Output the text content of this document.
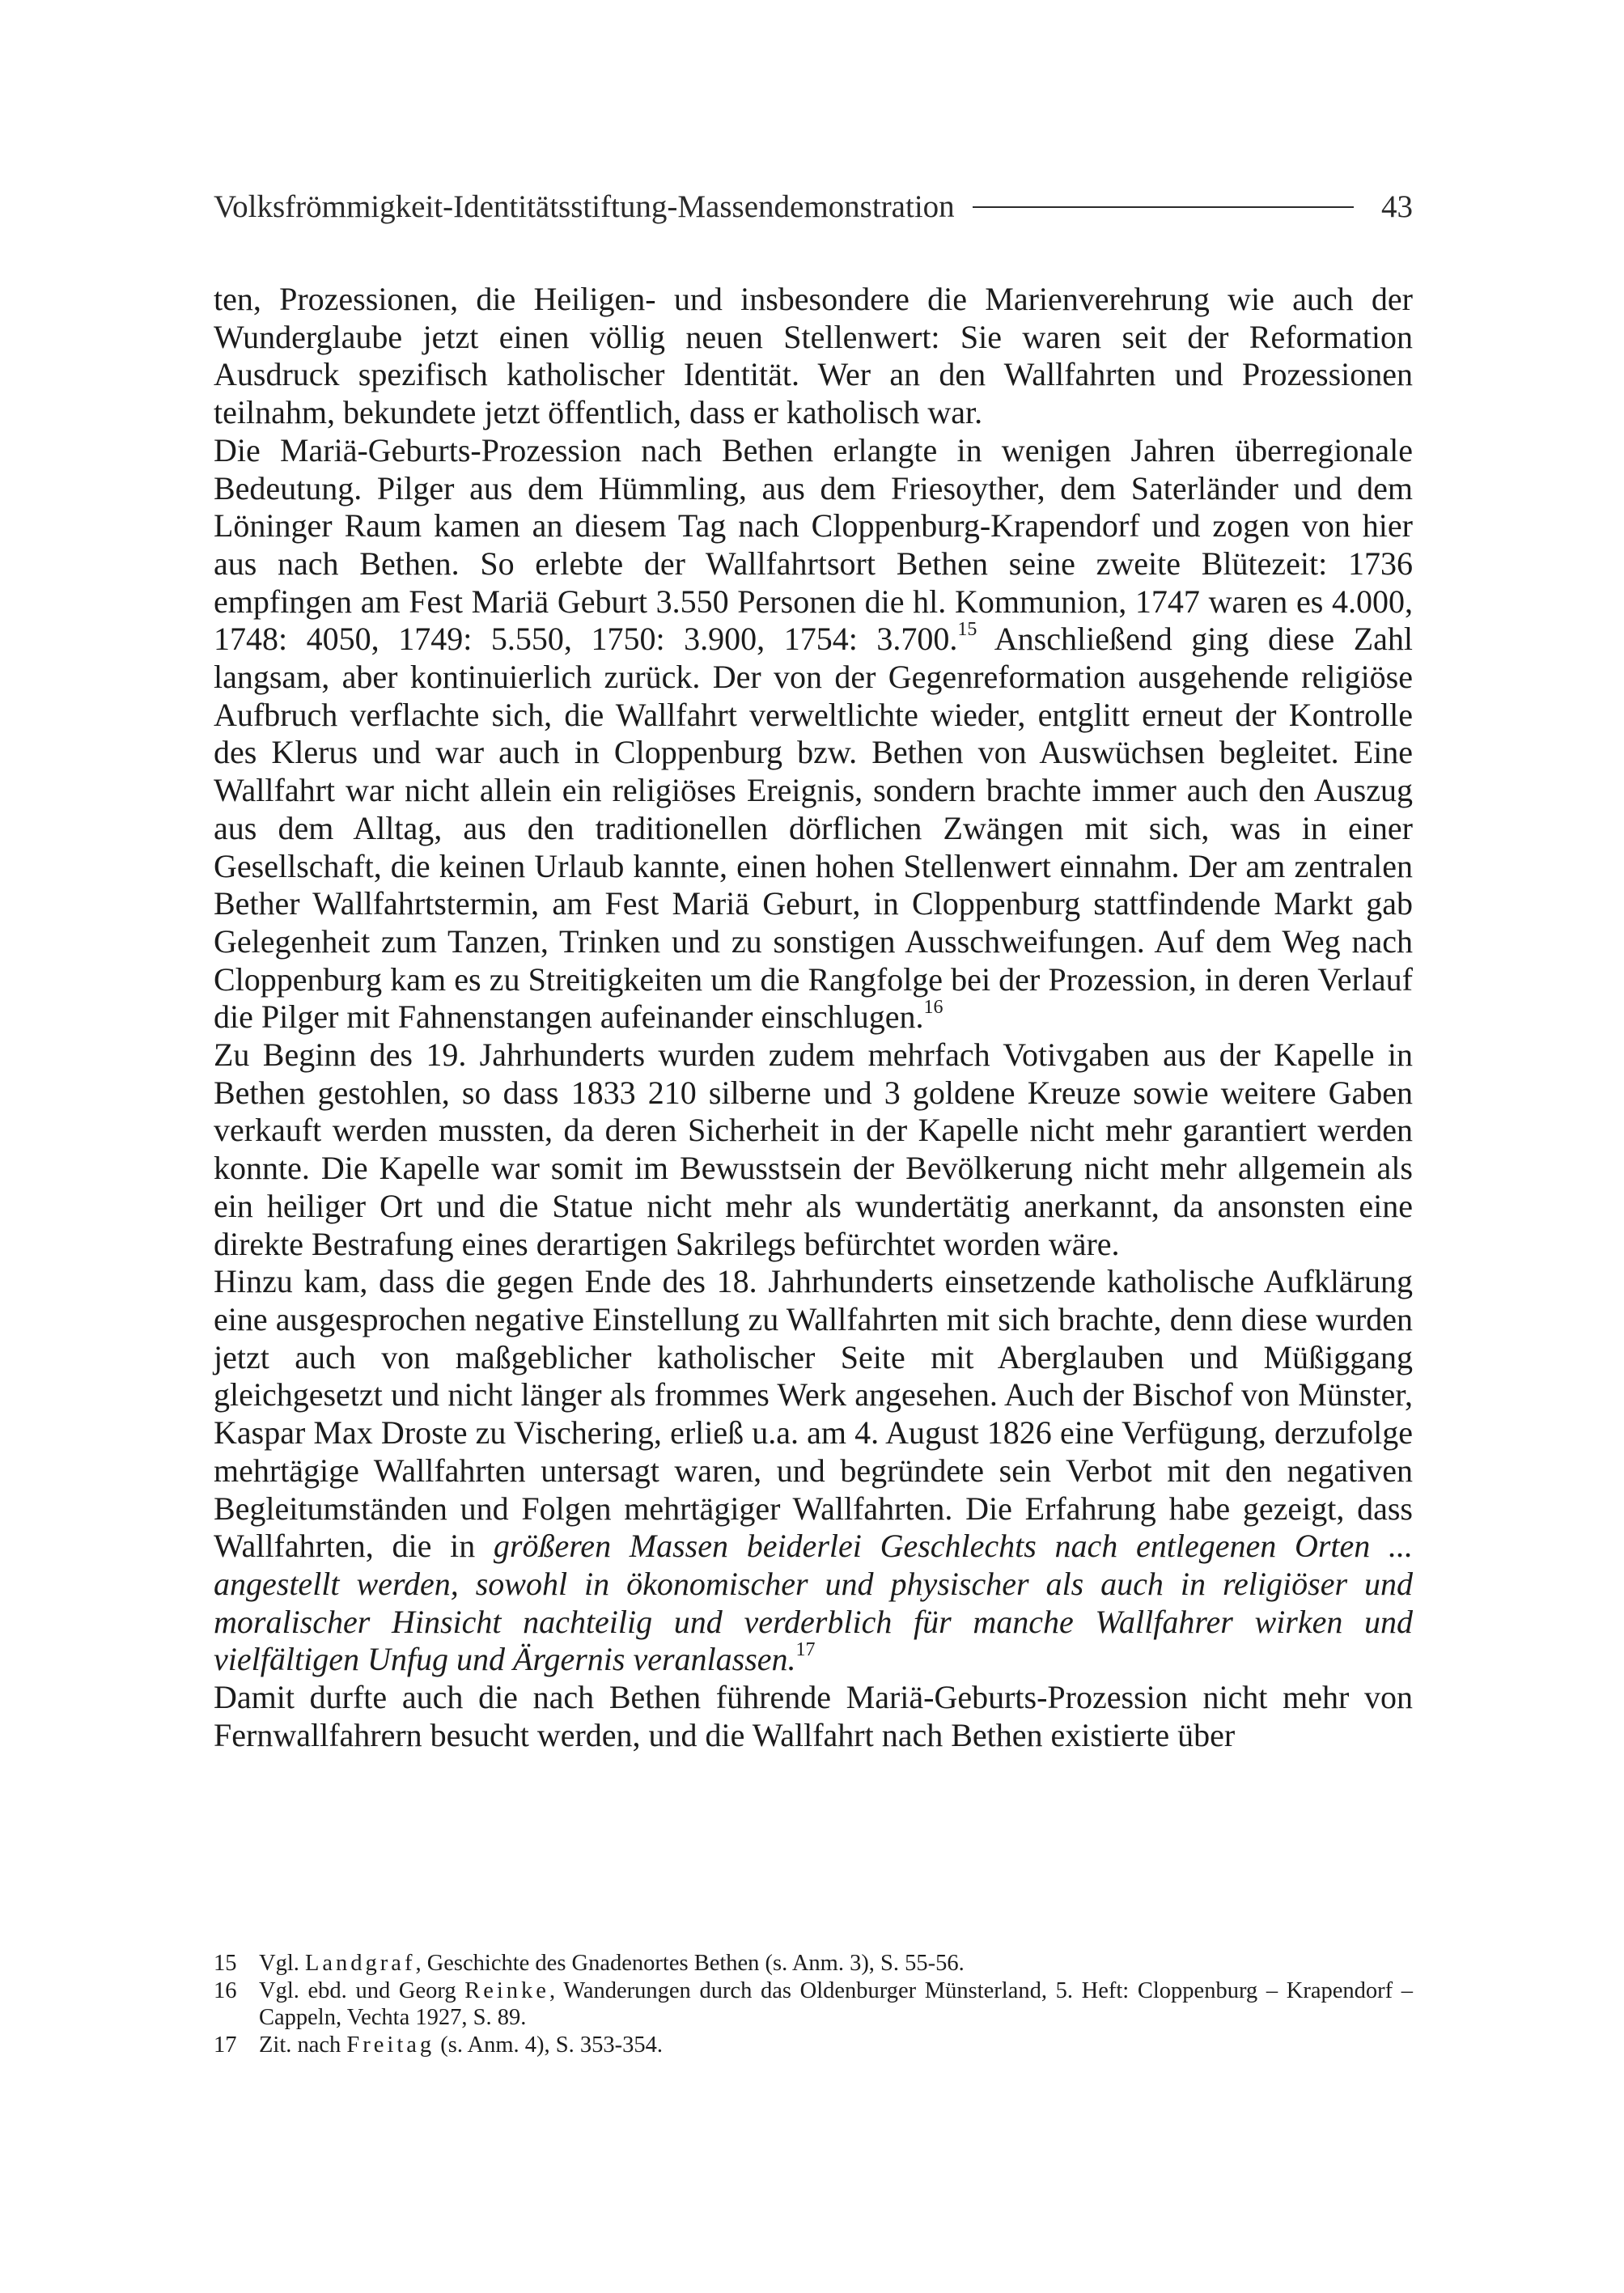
Volksfrömmigkeit-Identitätsstiftung-Massendemonstration	43

ten, Prozessionen, die Heiligen- und insbesondere die Marienverehrung wie auch der Wunderglaube jetzt einen völlig neuen Stellenwert: Sie waren seit der Reformation Ausdruck spezifisch katholischer Identität. Wer an den Wallfahrten und Prozessionen teilnahm, bekundete jetzt öffentlich, dass er katholisch war.

Die Mariä-Geburts-Prozession nach Bethen erlangte in wenigen Jahren überregionale Bedeutung. Pilger aus dem Hümmling, aus dem Friesoyther, dem Saterländer und dem Löninger Raum kamen an diesem Tag nach Cloppenburg-Krapendorf und zogen von hier aus nach Bethen. So erlebte der Wallfahrtsort Bethen seine zweite Blütezeit: 1736 empfingen am Fest Mariä Geburt 3.550 Personen die hl. Kommunion, 1747 waren es 4.000, 1748: 4050, 1749: 5.550, 1750: 3.900, 1754: 3.700.15 Anschließend ging diese Zahl langsam, aber kontinuierlich zurück. Der von der Gegenreformation ausgehende religiöse Aufbruch verflachte sich, die Wallfahrt verweltlichte wieder, entglitt erneut der Kontrolle des Klerus und war auch in Cloppenburg bzw. Bethen von Auswüchsen begleitet. Eine Wallfahrt war nicht allein ein religiöses Ereignis, sondern brachte immer auch den Auszug aus dem Alltag, aus den traditionellen dörflichen Zwängen mit sich, was in einer Gesellschaft, die keinen Urlaub kannte, einen hohen Stellenwert einnahm. Der am zentralen Bether Wallfahrtstermin, am Fest Mariä Geburt, in Cloppenburg stattfindende Markt gab Gelegenheit zum Tanzen, Trinken und zu sonstigen Ausschweifungen. Auf dem Weg nach Cloppenburg kam es zu Streitigkeiten um die Rangfolge bei der Prozession, in deren Verlauf die Pilger mit Fahnenstangen aufeinander einschlugen.$^{16}$

Zu Beginn des 19. Jahrhunderts wurden zudem mehrfach Votivgaben aus der Kapelle in Bethen gestohlen, so dass 1833 210 silberne und 3 goldene Kreuze sowie weitere Gaben verkauft werden mussten, da deren Sicherheit in der Kapelle nicht mehr garantiert werden konnte. Die Kapelle war somit im Bewusstsein der Bevölkerung nicht mehr allgemein als ein heiliger Ort und die Statue nicht mehr als wundertätig anerkannt, da ansonsten eine direkte Bestrafung eines derartigen Sakrilegs befürchtet worden wäre.

Hinzu kam, dass die gegen Ende des 18. Jahrhunderts einsetzende katholische Aufklärung eine ausgesprochen negative Einstellung zu Wallfahrten mit sich brachte, denn diese wurden jetzt auch von maßgeblicher katholischer Seite mit Aberglauben und Müßiggang gleichgesetzt und nicht länger als frommes Werk angesehen. Auch der Bischof von Münster, Kaspar Max Droste zu Vischering, erließ u.a. am 4. August 1826 eine Verfügung, derzufolge mehrtägige Wallfahrten untersagt waren, und begründete sein Verbot mit den negativen Begleitumständen und Folgen mehrtägiger Wallfahrten. Die Erfahrung habe gezeigt, dass Wallfahrten, die in größeren Massen beiderlei Geschlechts nach entlegenen Orten ... angestellt werden, sowohl in ökonomischer und physischer als auch in religiöser und moralischer Hinsicht nachteilig und verderblich für manche Wallfahrer wirken und vielfältigen Unfug und Ärgernis veranlassen.$^{17}$

Damit durfte auch die nach Bethen führende Mariä-Geburts-Prozession nicht mehr von Fernwallfahrern besucht werden, und die Wallfahrt nach Bethen existierte über

15 Vgl. Landgraf, Geschichte des Gnadenortes Bethen (s. Anm. 3), S. 55-56.
16 Vgl. ebd. und Georg Reinke, Wanderungen durch das Oldenburger Münsterland, 5. Heft: Cloppenburg – Krapendorf – Cappeln, Vechta 1927, S. 89.
17 Zit. nach Freitag (s. Anm. 4), S. 353-354.
